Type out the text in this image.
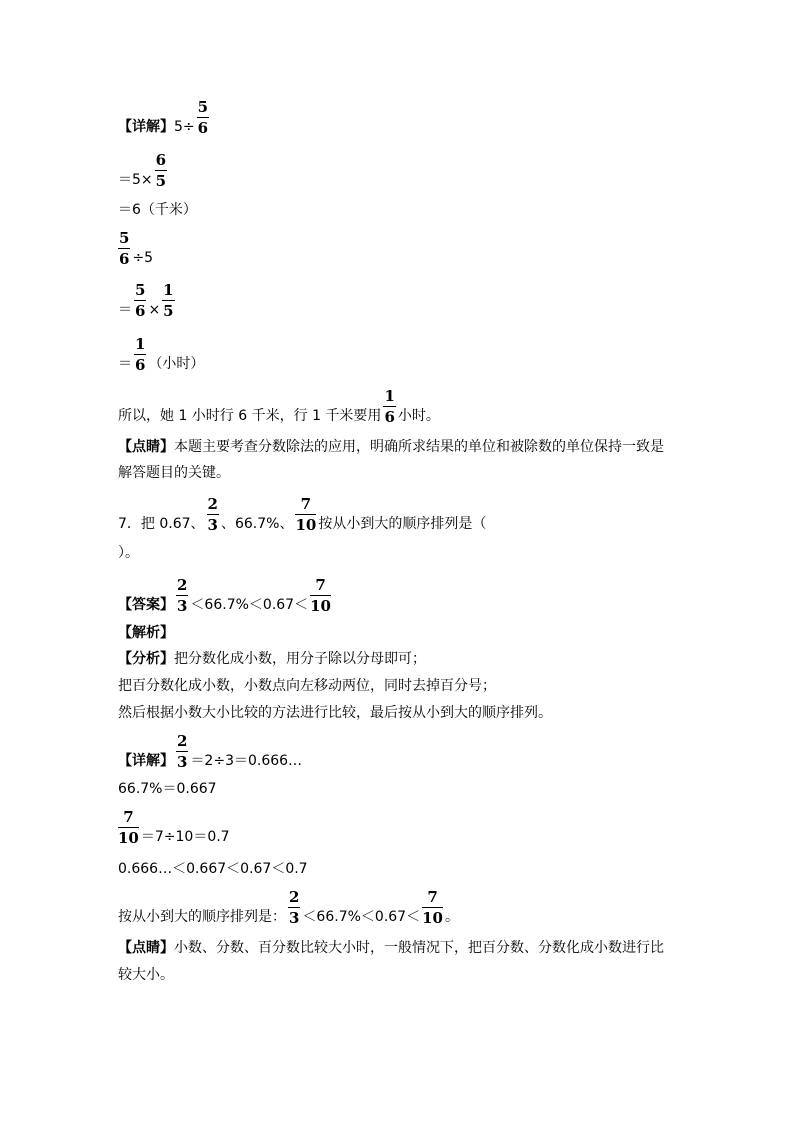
【详解】$5\div \frac{5}{6}$
$=5\times \frac{6}{5}$
＝6（千米）
$\frac{5}{6} \div 5$
＝ $\frac{5}{6} \times \frac{1}{5}$
＝ $\frac{1}{6}$ （小时）
所以，她 1 小时行 6 千米，行 1 千米要用 $\frac{1}{6}$ 小时。
【点睛】本题主要考查分数除法的应用，明确所求结果的单位和被除数的单位保持一致是
解答题目的关键。
7．把 0.67、 $\frac{2}{3}$ 、66.7%、 $\frac{7}{10}$ 按从小到大的顺序排列是（
）。
【答案】 $\frac{2}{3} <66.7\%<0.67< \frac{7}{10}$
【解析】
【分析】把分数化成小数，用分子除以分母即可；
把百分数化成小数，小数点向左移动两位，同时去掉百分号；
然后根据小数大小比较的方法进行比较，最后按从小到大的顺序排列。
【详解】 $\frac{2}{3}$ ＝2÷3＝0.666…
66.7%＝0.667
$\frac{7}{10} =7\div 10=0.7$
0.666…＜0.667＜0.67＜0.7
按从小到大的顺序排列是： $\frac{2}{3} <66.7\%<0.67< \frac{7}{10}$ 。
【点睛】小数、分数、百分数比较大小时，一般情况下，把百分数、分数化成小数进行比
较大小。
